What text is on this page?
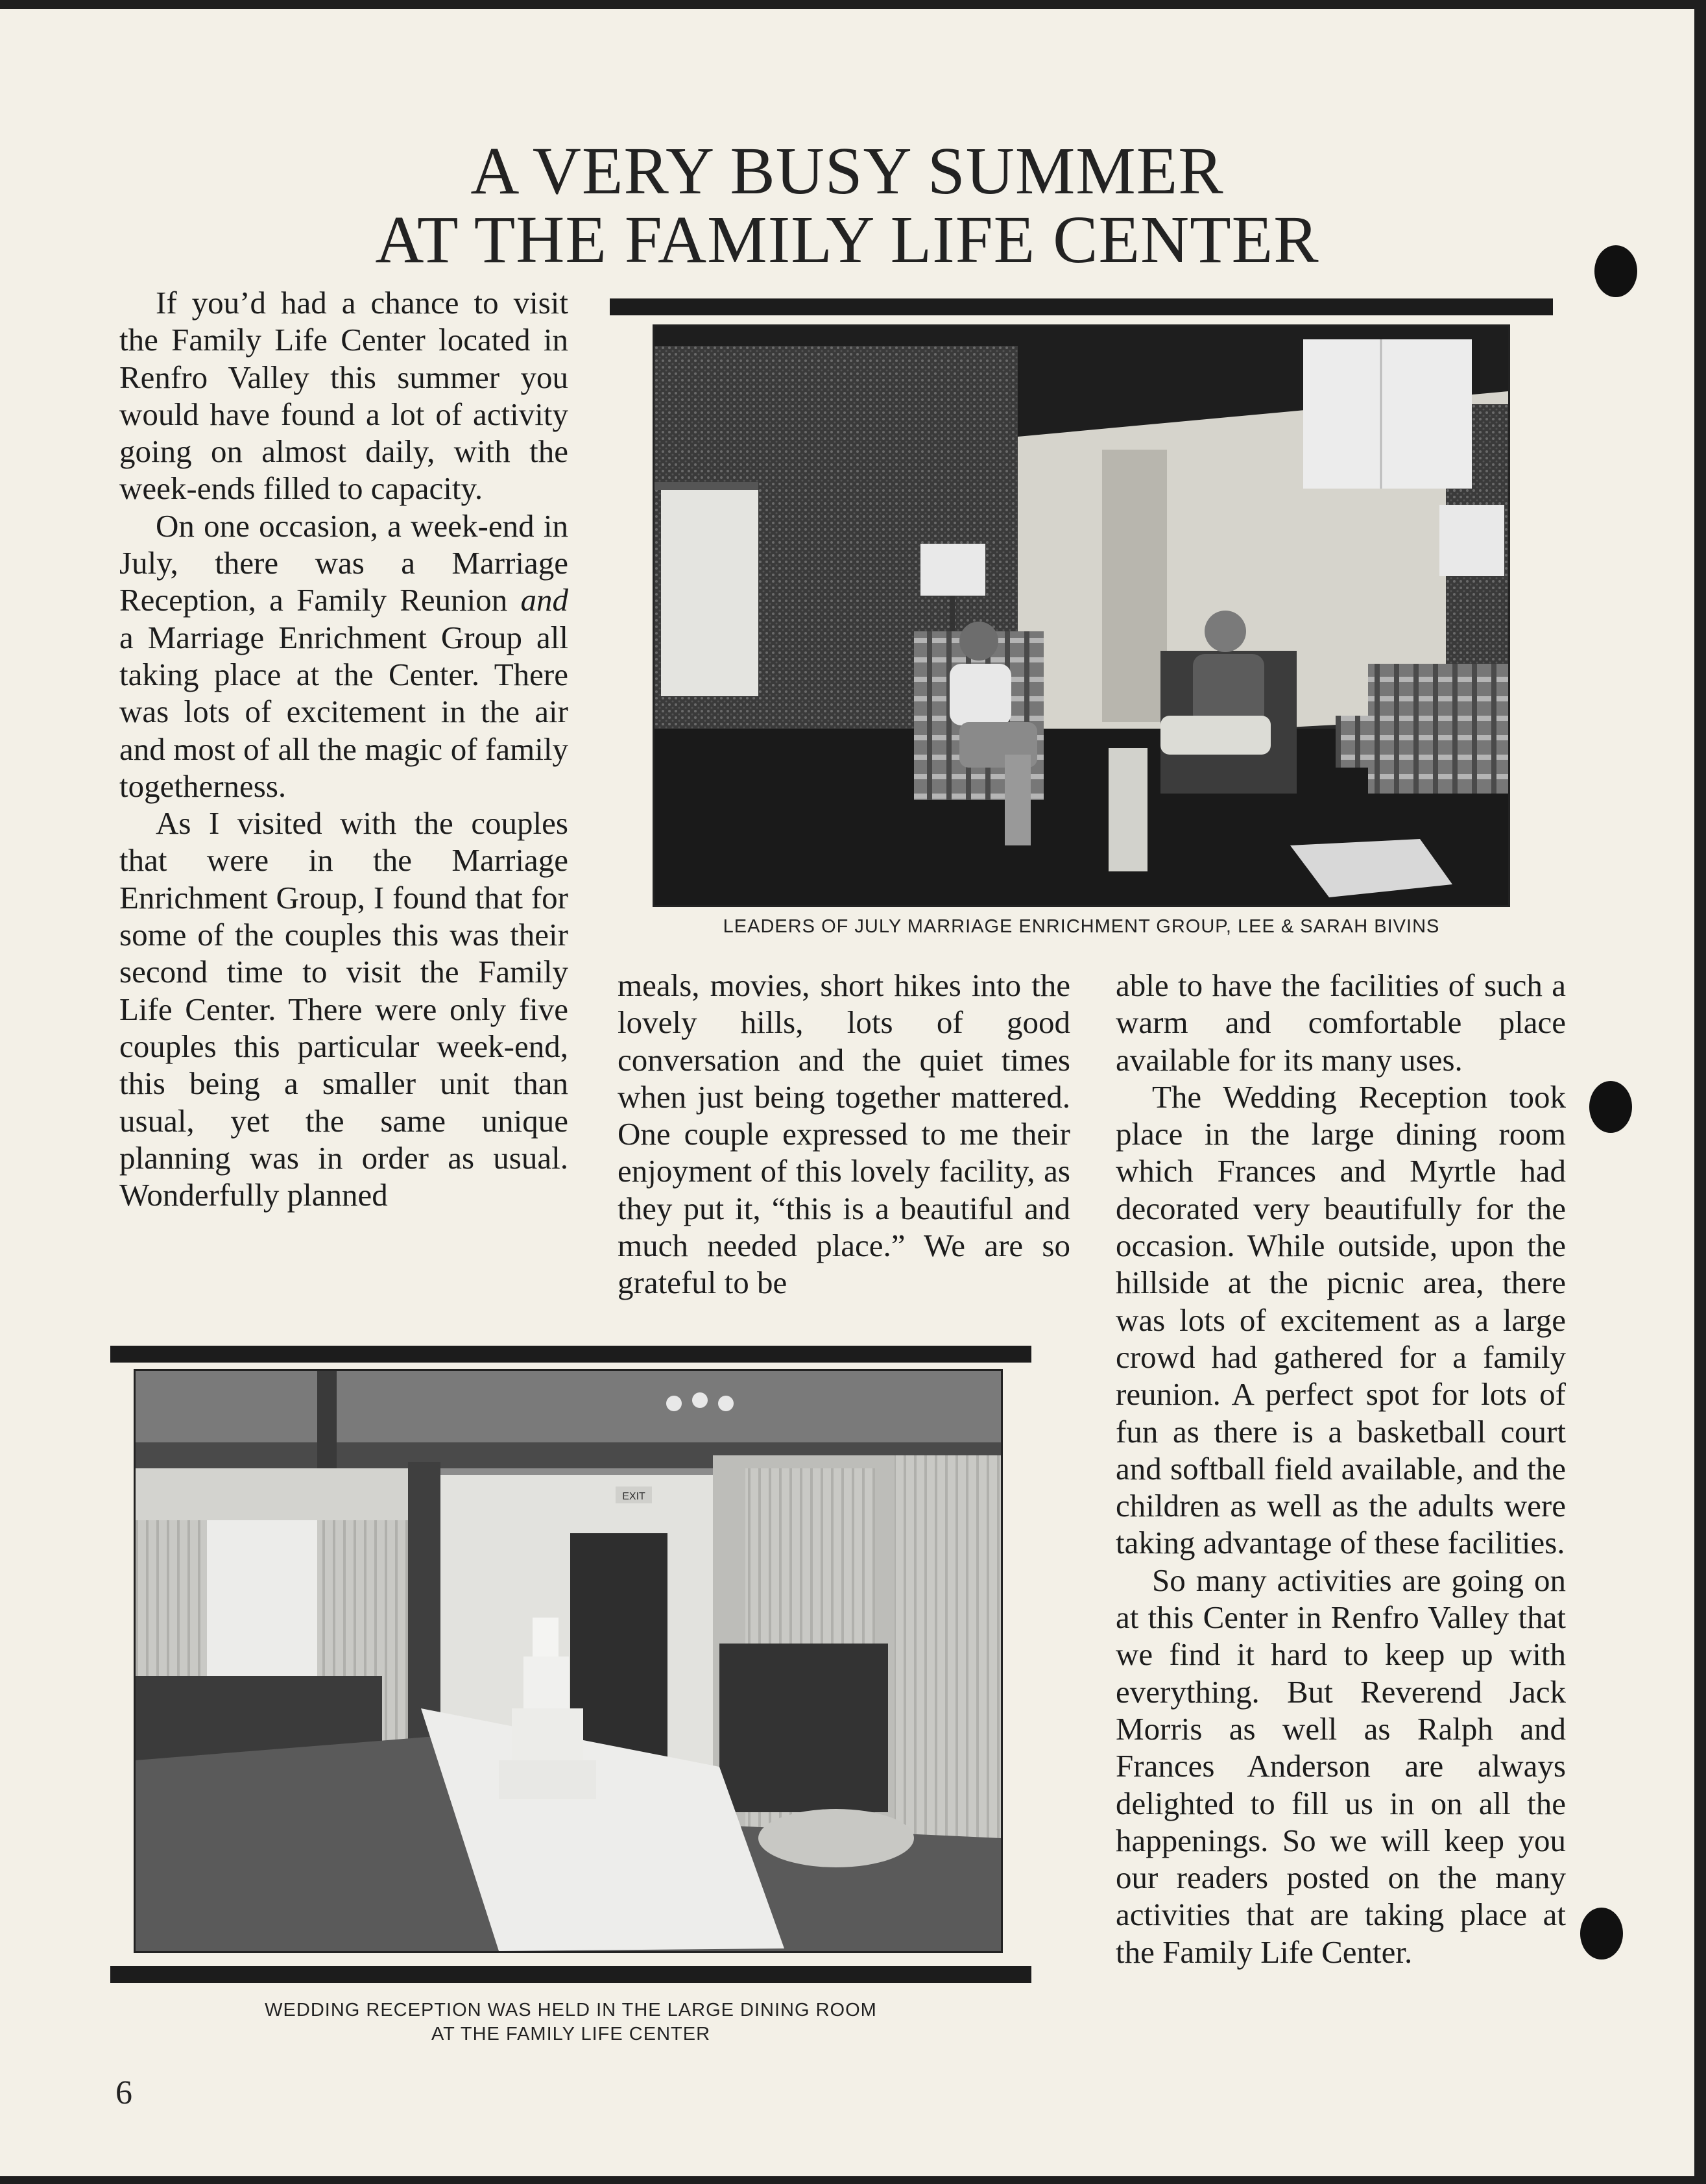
A VERY BUSY SUMMER
AT THE FAMILY LIFE CENTER

If you’d had a chance to visit the Family Life Center located in Renfro Valley this summer you would have found a lot of activity going on almost daily, with the week-ends filled to capacity.

On one occasion, a week-end in July, there was a Marriage Reception, a Family Reunion and a Marriage Enrichment Group all taking place at the Center. There was lots of excitement in the air and most of all the magic of family togetherness.

As I visited with the couples that were in the Marriage Enrichment Group, I found that for some of the couples this was their second time to visit the Family Life Center. There were only five couples this particular week-end, this being a smaller unit than usual, yet the same unique planning was in order as usual. Wonderfully planned

LEADERS OF JULY MARRIAGE ENRICHMENT GROUP, LEE & SARAH BIVINS

meals, movies, short hikes into the lovely hills, lots of good conversation and the quiet times when just being together mattered. One couple expressed to me their enjoyment of this lovely facility, as they put it, “this is a beautiful and much needed place.” We are so grateful to be

able to have the facilities of such a warm and comfortable place available for its many uses.

The Wedding Reception took place in the large dining room which Frances and Myrtle had decorated very beautifully for the occasion. While outside, upon the hillside at the picnic area, there was lots of excitement as a large crowd had gathered for a family reunion. A perfect spot for lots of fun as there is a basketball court and softball field available, and the children as well as the adults were taking advantage of these facilities.

So many activities are going on at this Center in Renfro Valley that we find it hard to keep up with everything. But Reverend Jack Morris as well as Ralph and Frances Anderson are always delighted to fill us in on all the happenings. So we will keep you our readers posted on the many activities that are taking place at the Family Life Center.

EXIT
WEDDING RECEPTION WAS HELD IN THE LARGE DINING ROOM
AT THE FAMILY LIFE CENTER
6
